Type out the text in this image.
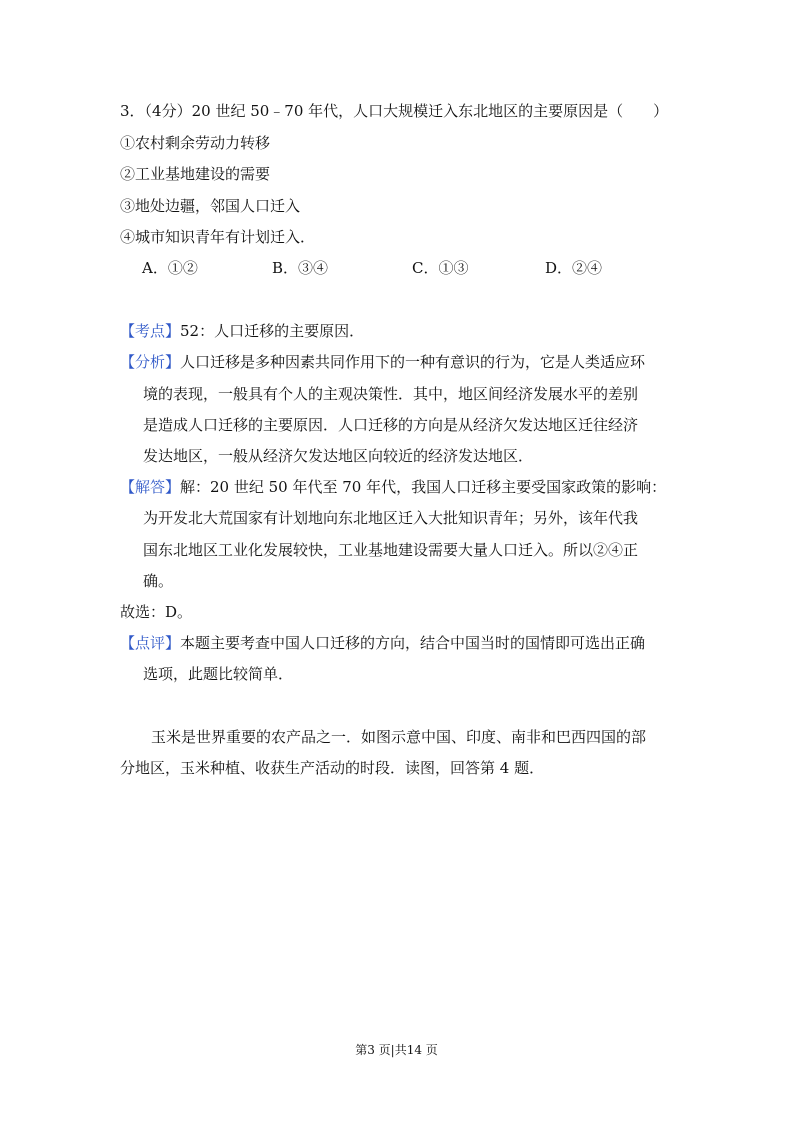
3．（4分）20 世纪 50﹣70 年代，人口大规模迁入东北地区的主要原因是（　　）
①农村剩余劳动力转移
②工业基地建设的需要
③地处边疆，邻国人口迁入
④城市知识青年有计划迁入．
A．①②	B．③④	C．①③	D．②④
【考点】52：人口迁移的主要原因．
【分析】人口迁移是多种因素共同作用下的一种有意识的行为，它是人类适应环
境的表现，一般具有个人的主观决策性．其中，地区间经济发展水平的差别
是造成人口迁移的主要原因．人口迁移的方向是从经济欠发达地区迁往经济
发达地区，一般从经济欠发达地区向较近的经济发达地区．
【解答】解：20 世纪 50 年代至 70 年代，我国人口迁移主要受国家政策的影响：
为开发北大荒国家有计划地向东北地区迁入大批知识青年；另外，该年代我
国东北地区工业化发展较快，工业基地建设需要大量人口迁入。所以②④正
确。
故选：D。
【点评】本题主要考查中国人口迁移的方向，结合中国当时的国情即可选出正确
选项，此题比较简单．
玉米是世界重要的农产品之一．如图示意中国、印度、南非和巴西四国的部
分地区，玉米种植、收获生产活动的时段．读图，回答第 4 题．
第3 页|共14 页
